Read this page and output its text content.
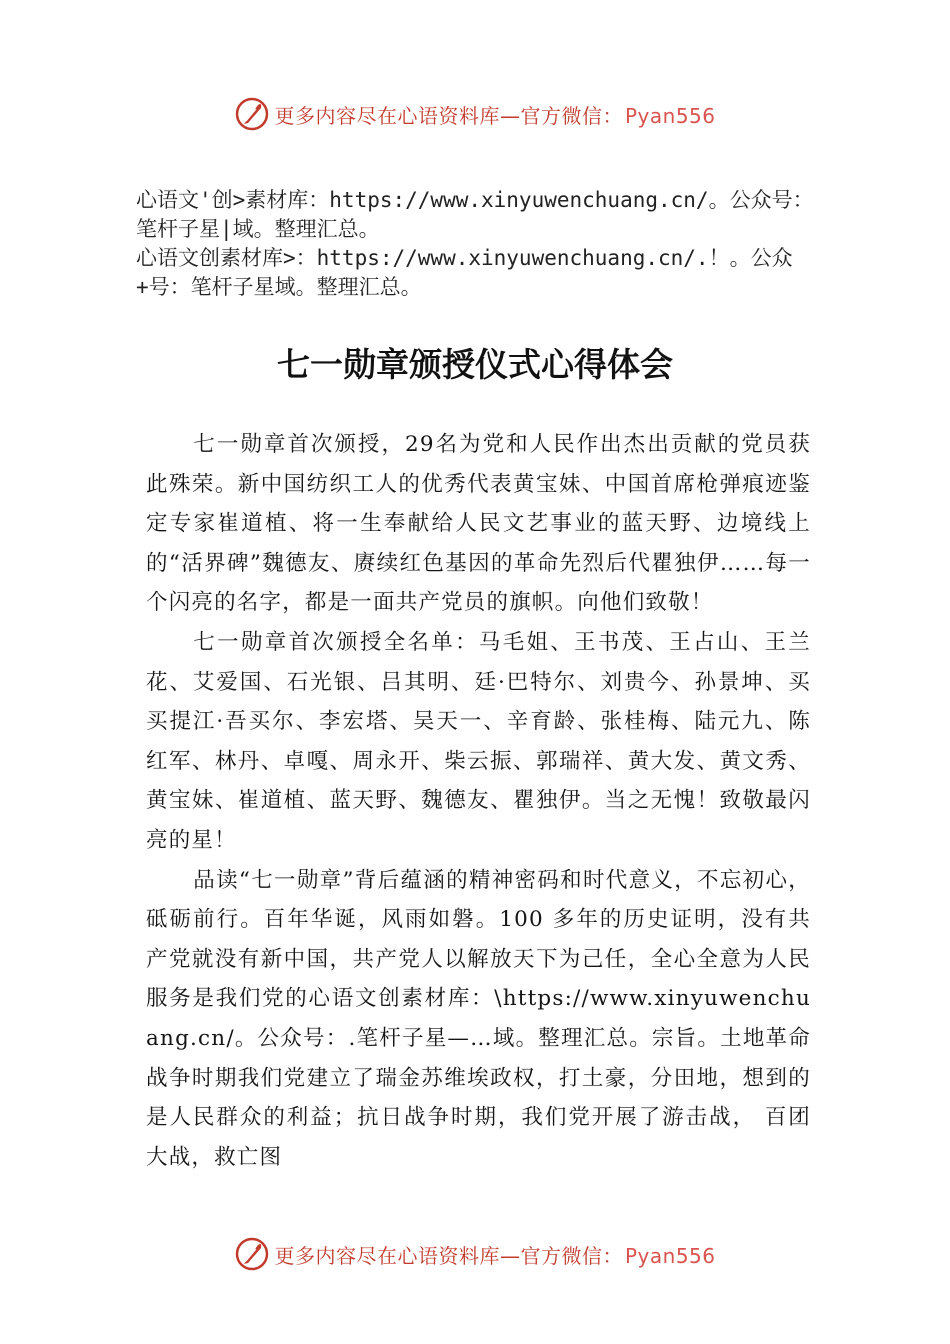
更多内容尽在心语资料库—官方微信： Pyan556

心语文'创>素材库：https://www.xinyuwenchuang.cn/。公众号：笔杆子星|域。整理汇总。

心语文创素材库>：https://www.xinyuwenchuang.cn/.！。公众+号：笔杆子星域。整理汇总。

七一勋章颁授仪式心得体会

七一勋章首次颁授，29名为党和人民作出杰出贡献的党员获此殊荣。新中国纺织工人的优秀代表黄宝妹、中国首席枪弹痕迹鉴定专家崔道植、将一生奉献给人民文艺事业的蓝天野、边境线上的“活界碑”魏德友、赓续红色基因的革命先烈后代瞿独伊……每一个闪亮的名字，都是一面共产党员的旗帜。向他们致敬！

七一勋章首次颁授全名单：马毛姐、王书茂、王占山、王兰花、艾爱国、石光银、吕其明、廷·巴特尔、刘贵今、孙景坤、买买提江·吾买尔、李宏塔、吴天一、辛育龄、张桂梅、陆元九、陈红军、林丹、卓嘎、周永开、柴云振、郭瑞祥、黄大发、黄文秀、黄宝妹、崔道植、蓝天野、魏德友、瞿独伊。当之无愧！致敬最闪亮的星！

品读“七一勋章”背后蕴涵的精神密码和时代意义，不忘初心，砥砺前行。百年华诞，风雨如磐。100 多年的历史证明，没有共产党就没有新中国，共产党人以解放天下为己任，全心全意为人民服务是我们党的心语文创素材库：\https://www.xinyuwenchuang.cn/。公众号：.笔杆子星—…域。整理汇总。宗旨。土地革命战争时期我们党建立了瑞金苏维埃政权，打土豪，分田地，想到的是人民群众的利益；抗日战争时期，我们党开展了游击战， 百团大战，救亡图

更多内容尽在心语资料库—官方微信： Pyan556
